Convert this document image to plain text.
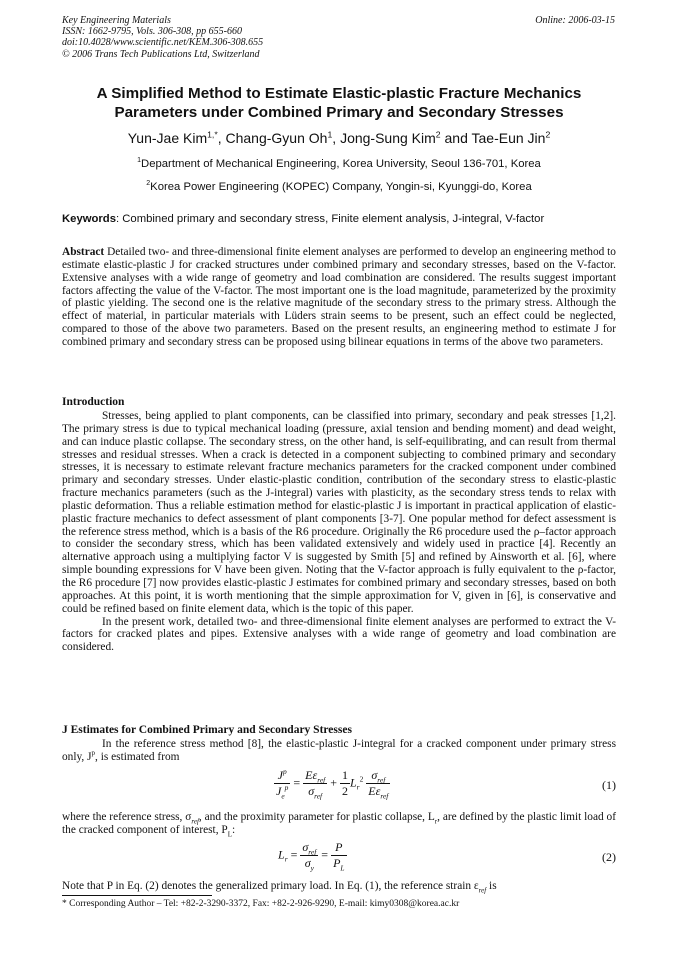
Key Engineering Materials
ISSN: 1662-9795, Vols. 306-308, pp 655-660
doi:10.4028/www.scientific.net/KEM.306-308.655
© 2006 Trans Tech Publications Ltd, Switzerland
Online: 2006-03-15
A Simplified Method to Estimate Elastic-plastic Fracture Mechanics Parameters under Combined Primary and Secondary Stresses
Yun-Jae Kim$^{1,*}$, Chang-Gyun Oh$^1$, Jong-Sung Kim$^2$ and Tae-Eun Jin$^2$
$^1$Department of Mechanical Engineering, Korea University, Seoul 136-701, Korea
$^2$Korea Power Engineering (KOPEC) Company, Yongin-si, Kyunggi-do, Korea
Keywords: Combined primary and secondary stress, Finite element analysis, J-integral, V-factor
Abstract Detailed two- and three-dimensional finite element analyses are performed to develop an engineering method to estimate elastic-plastic J for cracked structures under combined primary and secondary stresses, based on the V-factor. Extensive analyses with a wide range of geometry and load combination are considered. The results suggest important factors affecting the value of the V-factor. The most important one is the load magnitude, parameterized by the proximity of plastic yielding. The second one is the relative magnitude of the secondary stress to the primary stress. Although the effect of material, in particular materials with Lüders strain seems to be present, such an effect could be neglected, compared to those of the above two parameters. Based on the present results, an engineering method to estimate J for combined primary and secondary stress can be proposed using bilinear equations in terms of the above two parameters.
Introduction

Stresses, being applied to plant components, can be classified into primary, secondary and peak stresses [1,2]. The primary stress is due to typical mechanical loading (pressure, axial tension and bending moment) and dead weight, and can induce plastic collapse. The secondary stress, on the other hand, is self-equilibrating, and can result from thermal stresses and residual stresses. When a crack is detected in a component subjecting to combined primary and secondary stresses, it is necessary to estimate relevant fracture mechanics parameters for the cracked component under combined primary and secondary stresses. Under elastic-plastic condition, contribution of the secondary stress to elastic-plastic fracture mechanics parameters (such as the J-integral) varies with plasticity, as the secondary stress tends to relax with plastic deformation. Thus a reliable estimation method for elastic-plastic J is important in practical application of elastic-plastic fracture mechanics to defect assessment of plant components [3-7]. One popular method for defect assessment is the reference stress method, which is a basis of the R6 procedure. Originally the R6 procedure used the ρ–factor approach to consider the secondary stress, which has been validated extensively and widely used in practice [4]. Recently an alternative approach using a multiplying factor V is suggested by Smith [5] and refined by Ainsworth et al. [6], where simple bounding expressions for V have been given. Noting that the V-factor approach is fully equivalent to the ρ-factor, the R6 procedure [7] now provides elastic-plastic J estimates for combined primary and secondary stresses, based on both approaches. At this point, it is worth mentioning that the simple approximation for V, given in [6], is conservative and could be refined based on finite element data, which is the topic of this paper.

In the present work, detailed two- and three-dimensional finite element analyses are performed to extract the V-factors for cracked plates and pipes. Extensive analyses with a wide range of geometry and load combination are considered.

J Estimates for Combined Primary and Secondary Stresses

In the reference stress method [8], the elastic-plastic J-integral for a cracked component under primary stress only, $J^p$, is estimated from

$\frac{J^p}{J_e^p} = \frac{E\varepsilon_{ref}}{\sigma_{ref}} + \frac{1}{2} L_r^2 \frac{\sigma_{ref}}{E\varepsilon_{ref}}$	(1)
where the reference stress, $\sigma_{ref}$, and the proximity parameter for plastic collapse, $L_r$, are defined by the plastic limit load of the cracked component of interest, $P_L$:
$L_r = \frac{\sigma_{ref}}{\sigma_y} = \frac{P}{P_L}$	(2)
Note that P in Eq. (2) denotes the generalized primary load. In Eq. (1), the reference strain $\varepsilon_{ref}$ is
* Corresponding Author – Tel: +82-2-3290-3372, Fax: +82-2-926-9290, E-mail: kimy0308@korea.ac.kr
